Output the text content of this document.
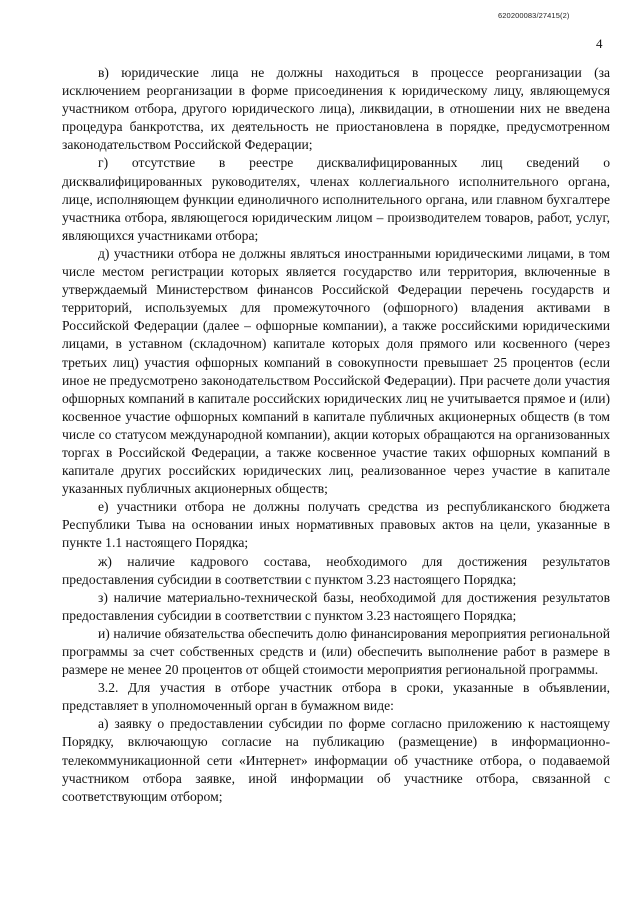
620200083/27415(2)
4

в) юридические лица не должны находиться в процессе реорганизации (за исключением реорганизации в форме присоединения к юридическому лицу, являющемуся участником отбора, другого юридического лица), ликвидации, в отношении них не введена процедура банкротства, их деятельность не приостановлена в порядке, предусмотренном законодательством Российской Федерации;

г) отсутствие в реестре дисквалифицированных лиц сведений о дисквалифицированных руководителях, членах коллегиального исполнительного органа, лице, исполняющем функции единоличного исполнительного органа, или главном бухгалтере участника отбора, являющегося юридическим лицом – производителем товаров, работ, услуг, являющихся участниками отбора;

д) участники отбора не должны являться иностранными юридическими лицами, в том числе местом регистрации которых является государство или территория, включенные в утверждаемый Министерством финансов Российской Федерации перечень государств и территорий, используемых для промежуточного (офшорного) владения активами в Российской Федерации (далее – офшорные компании), а также российскими юридическими лицами, в уставном (складочном) капитале которых доля прямого или косвенного (через третьих лиц) участия офшорных компаний в совокупности превышает 25 процентов (если иное не предусмотрено законодательством Российской Федерации). При расчете доли участия офшорных компаний в капитале российских юридических лиц не учитывается прямое и (или) косвенное участие офшорных компаний в капитале публичных акционерных обществ (в том числе со статусом международной компании), акции которых обращаются на организованных торгах в Российской Федерации, а также косвенное участие таких офшорных компаний в капитале других российских юридических лиц, реализованное через участие в капитале указанных публичных акционерных обществ;

е) участники отбора не должны получать средства из республиканского бюджета Республики Тыва на основании иных нормативных правовых актов на цели, указанные в пункте 1.1 настоящего Порядка;

ж) наличие кадрового состава, необходимого для достижения результатов предоставления субсидии в соответствии с пунктом 3.23 настоящего Порядка;

з) наличие материально-технической базы, необходимой для достижения результатов предоставления субсидии в соответствии с пунктом 3.23 настоящего Порядка;

и) наличие обязательства обеспечить долю финансирования мероприятия региональной программы за счет собственных средств и (или) обеспечить выполнение работ в размере в размере не менее 20 процентов от общей стоимости мероприятия региональной программы.

3.2. Для участия в отборе участник отбора в сроки, указанные в объявлении, представляет в уполномоченный орган в бумажном виде:

а) заявку о предоставлении субсидии по форме согласно приложению к настоящему Порядку, включающую согласие на публикацию (размещение) в информационно-телекоммуникационной сети «Интернет» информации об участнике отбора, о подаваемой участником отбора заявке, иной информации об участнике отбора, связанной с соответствующим отбором;
